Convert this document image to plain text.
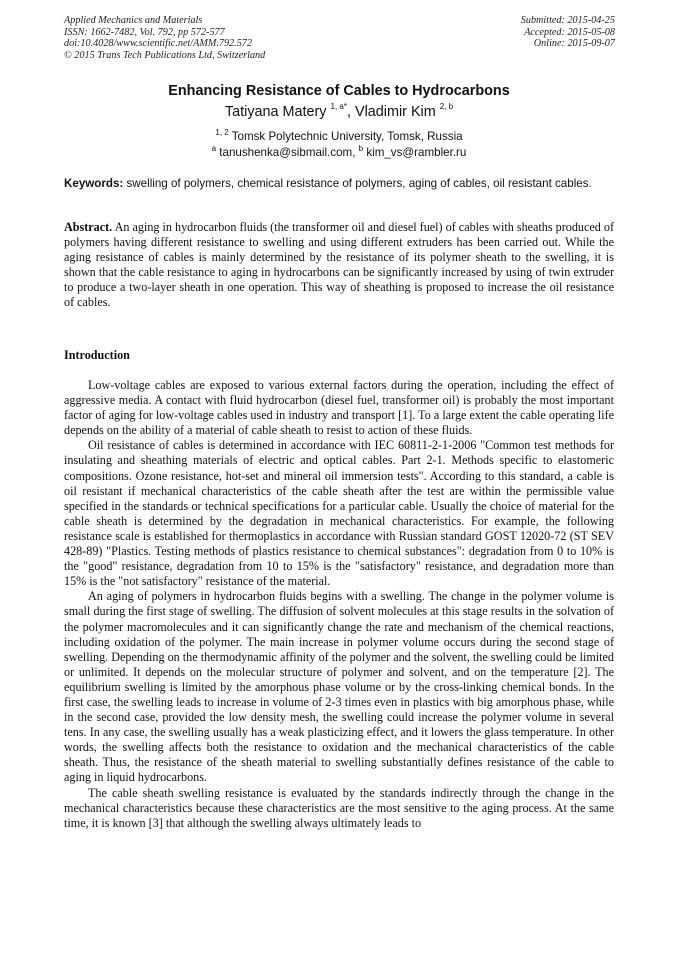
Applied Mechanics and Materials
ISSN: 1662-7482, Vol. 792, pp 572-577
doi:10.4028/www.scientific.net/AMM.792.572
© 2015 Trans Tech Publications Ltd, Switzerland
Submitted: 2015-04-25
Accepted: 2015-05-08
Online: 2015-09-07
Enhancing Resistance of Cables to Hydrocarbons
Tatiyana Matery $^{1, a*}$, Vladimir Kim $^{2, b}$
$^{1, 2}$ Tomsk Polytechnic University, Tomsk, Russia
$^a$ tanushenka@sibmail.com, $^b$ kim_vs@rambler.ru
Keywords: swelling of polymers, chemical resistance of polymers, aging of cables, oil resistant cables.
Abstract. An aging in hydrocarbon fluids (the transformer oil and diesel fuel) of cables with sheaths produced of polymers having different resistance to swelling and using different extruders has been carried out. While the aging resistance of cables is mainly determined by the resistance of its polymer sheath to the swelling, it is shown that the cable resistance to aging in hydrocarbons can be significantly increased by using of twin extruder to produce a two-layer sheath in one operation. This way of sheathing is proposed to increase the oil resistance of cables.
Introduction

Low-voltage cables are exposed to various external factors during the operation, including the effect of aggressive media. A contact with fluid hydrocarbon (diesel fuel, transformer oil) is probably the most important factor of aging for low-voltage cables used in industry and transport [1]. To a large extent the cable operating life depends on the ability of a material of cable sheath to resist to action of these fluids.

Oil resistance of cables is determined in accordance with IEC 60811-2-1-2006 "Common test methods for insulating and sheathing materials of electric and optical cables. Part 2-1. Methods specific to elastomeric compositions. Ozone resistance, hot-set and mineral oil immersion tests". According to this standard, a cable is oil resistant if mechanical characteristics of the cable sheath after the test are within the permissible value specified in the standards or technical specifications for a particular cable. Usually the choice of material for the cable sheath is determined by the degradation in mechanical characteristics. For example, the following resistance scale is established for thermoplastics in accordance with Russian standard GOST 12020-72 (ST SEV 428-89) "Plastics. Testing methods of plastics resistance to chemical substances": degradation from 0 to 10% is the "good" resistance, degradation from 10 to 15% is the "satisfactory" resistance, and degradation more than 15% is the "not satisfactory" resistance of the material.

An aging of polymers in hydrocarbon fluids begins with a swelling. The change in the polymer volume is small during the first stage of swelling. The diffusion of solvent molecules at this stage results in the solvation of the polymer macromolecules and it can significantly change the rate and mechanism of the chemical reactions, including oxidation of the polymer. The main increase in polymer volume occurs during the second stage of swelling. Depending on the thermodynamic affinity of the polymer and the solvent, the swelling could be limited or unlimited. It depends on the molecular structure of polymer and solvent, and on the temperature [2]. The equilibrium swelling is limited by the amorphous phase volume or by the cross-linking chemical bonds. In the first case, the swelling leads to increase in volume of 2-3 times even in plastics with big amorphous phase, while in the second case, provided the low density mesh, the swelling could increase the polymer volume in several tens. In any case, the swelling usually has a weak plasticizing effect, and it lowers the glass temperature. In other words, the swelling affects both the resistance to oxidation and the mechanical characteristics of the cable sheath. Thus, the resistance of the sheath material to swelling substantially defines resistance of the cable to aging in liquid hydrocarbons.

The cable sheath swelling resistance is evaluated by the standards indirectly through the change in the mechanical characteristics because these characteristics are the most sensitive to the aging process. At the same time, it is known [3] that although the swelling always ultimately leads to
